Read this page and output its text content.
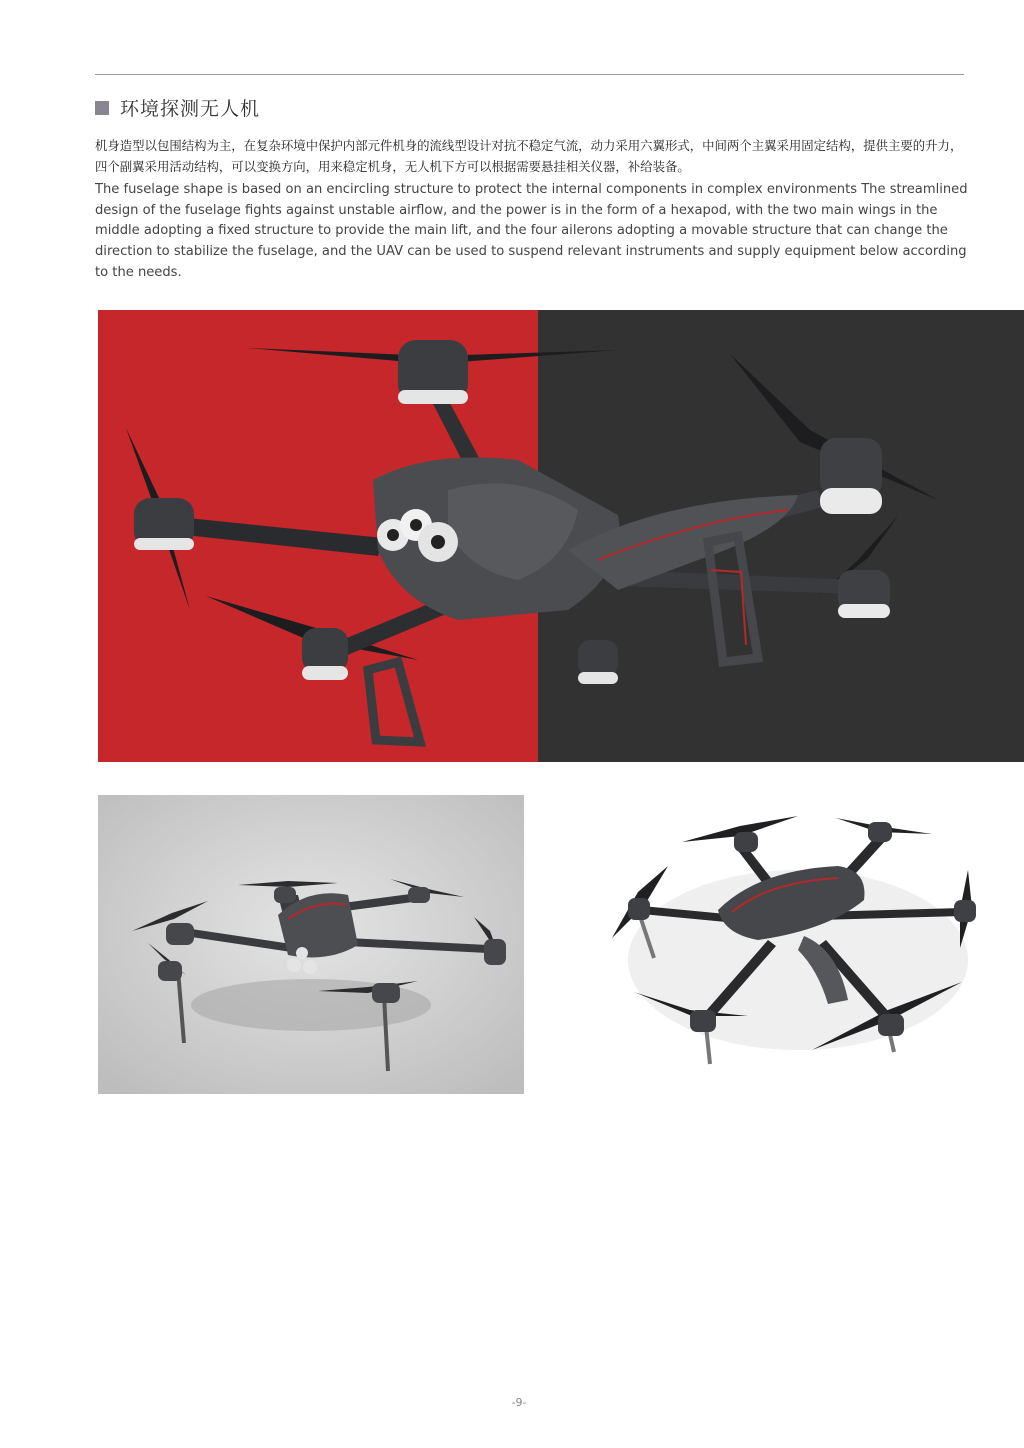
环境探测无人机
机身造型以包围结构为主，在复杂环境中保护内部元件机身的流线型设计对抗不稳定气流，动力采用六翼形式，中间两个主翼采用固定结构，提供主要的升力，四个副翼采用活动结构，可以变换方向，用来稳定机身，无人机下方可以根据需要悬挂相关仪器，补给装备。
The fuselage shape is based on an encircling structure to protect the internal components in complex environments The streamlined design of the fuselage fights against unstable airflow, and the power is in the form of a hexapod, with the two main wings in the middle adopting a fixed structure to provide the main lift, and the four ailerons adopting a movable structure that can change the direction to stabilize the fuselage, and the UAV can be used to suspend relevant instruments and supply equipment below according to the needs.
-9-
